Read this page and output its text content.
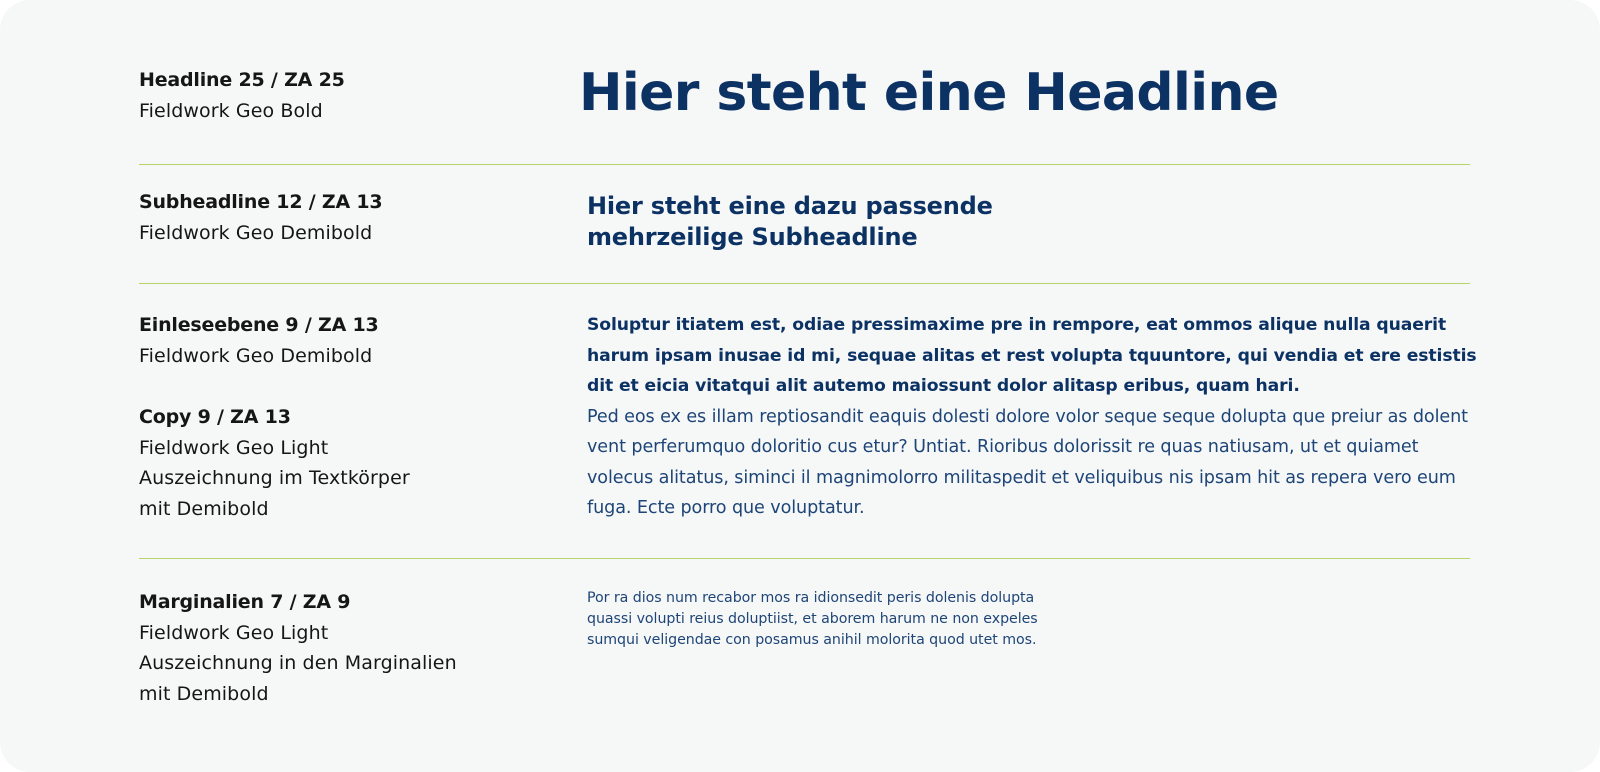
Headline 25 / ZA 25
Fieldwork Geo Bold	Hier steht eine Headline
Subheadline 12 / ZA 13
Fieldwork Geo Demibold
Hier steht eine dazu passende
mehrzeilige Subheadline
Einleseebene 9 / ZA 13
Fieldwork Geo Demibold
Copy 9 / ZA 13
Fieldwork Geo Light
Auszeichnung im Textkörper
mit Demibold
Soluptur itiatem est, odiae pressimaxime pre in rempore, eat ommos alique nulla quaerit harum ipsam inusae id mi, sequae alitas et rest volupta tquuntore, qui vendia et ere estistis dit et eicia vitatqui alit autemo maiossunt dolor alitasp eribus, quam hari.
Ped eos ex es illam reptiosandit eaquis dolesti dolore volor seque seque dolupta que preiur as dolent vent perferumquo doloritio cus etur? Untiat. Rioribus dolorissit re quas natiusam, ut et quiamet volecus alitatus, siminci il magnimolorro militaspedit et veliquibus nis ipsam hit as repera vero eum fuga. Ecte porro que voluptatur.
Marginalien 7 / ZA 9
Fieldwork Geo Light
Auszeichnung in den Marginalien
mit Demibold
Por ra dios num recabor mos ra idionsedit peris dolenis dolupta quassi volupti reius doluptiist, et aborem harum ne non expeles sumqui veligendae con posamus anihil molorita quod utet mos.
